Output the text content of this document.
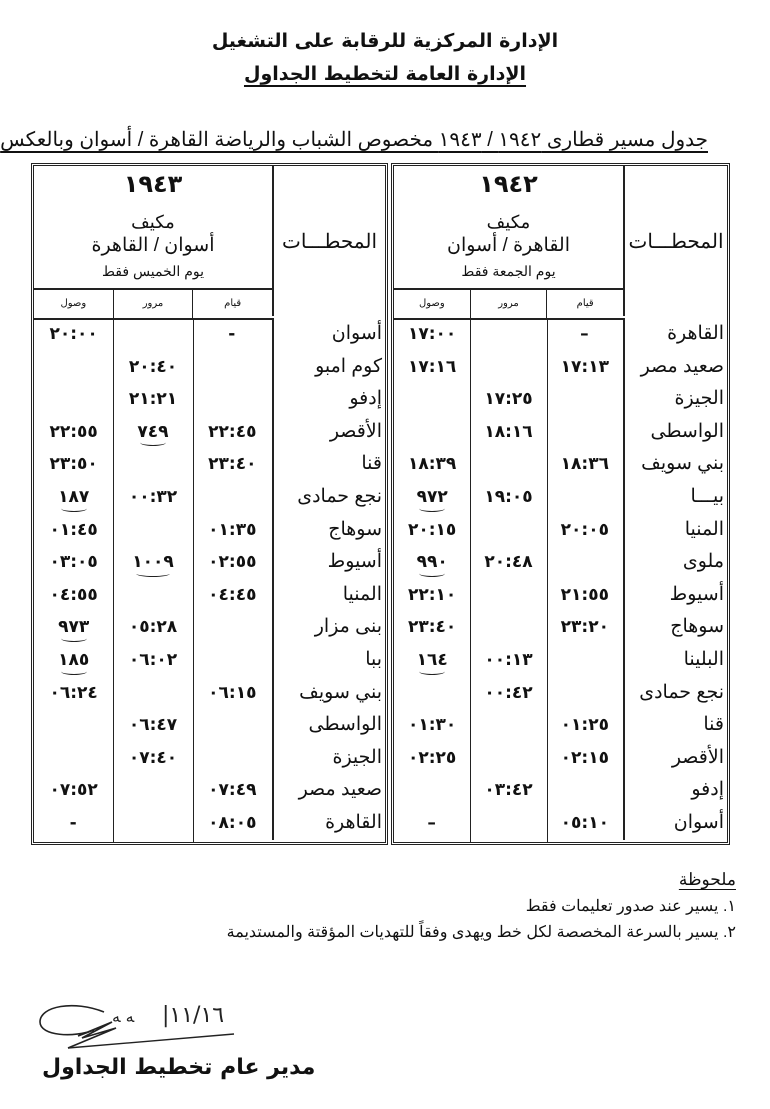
الإدارة المركزية للرقابة على التشغيل
الإدارة العامة لتخطيط الجداول
جدول مسير قطارى ١٩٤٢ / ١٩٤٣ مخصوص الشباب والرياضة القاهرة / أسوان وبالعكس
المحطـــات
١٩٤٢
مكيف
القاهرة / أسوان
يوم الجمعة فقط
قيام
مرور
وصول
القاهرة
–
١٧:٠٠
صعيد مصر
١٧:١٣
١٧:١٦
الجيزة
١٧:٢٥
الواسطى
١٨:١٦
بني سويف
١٨:٣٦
١٨:٣٩
بيـــا
١٩:٠٥
٩٧٢
المنيا
٢٠:٠٥
٢٠:١٥
ملوى
٢٠:٤٨
٩٩٠
أسيوط
٢١:٥٥
٢٢:١٠
سوهاج
٢٣:٢٠
٢٣:٤٠
البلينا
٠٠:١٣
١٦٤
نجع حمادى
٠٠:٤٢
قنا
٠١:٢٥
٠١:٣٠
الأقصر
٠٢:١٥
٠٢:٢٥
إدفو
٠٣:٤٢
أسوان
٠٥:١٠
–
المحطـــات
١٩٤٣
مكيف
أسوان / القاهرة
يوم الخميس فقط
قيام
مرور
وصول
أسوان
-
٢٠:٠٠
كوم امبو
٢٠:٤٠
إدفو
٢١:٢١
الأقصر
٢٢:٤٥
٧٤٩
٢٢:٥٥
قنا
٢٣:٤٠
٢٣:٥٠
نجع حمادى
٠٠:٣٢
١٨٧
سوهاج
٠١:٣٥
٠١:٤٥
أسيوط
٠٢:٥٥
١٠٠٩
٠٣:٠٥
المنيا
٠٤:٤٥
٠٤:٥٥
بنى مزار
٠٥:٢٨
٩٧٣
ببا
٠٦:٠٢
١٨٥
بني سويف
٠٦:١٥
٠٦:٢٤
الواسطى
٠٦:٤٧
الجيزة
٠٧:٤٠
صعيد مصر
٠٧:٤٩
٠٧:٥٢
القاهرة
٠٨:٠٥
-
ملحوظة
١. يسير عند صدور تعليمات فقط
٢. يسير بالسرعة المخصصة لكل خط ويهدى وفقاً للتهديات المؤقتة والمستديمة
ﻪ ﻪ |١١/١٦
مدير عام تخطيط الجداول
